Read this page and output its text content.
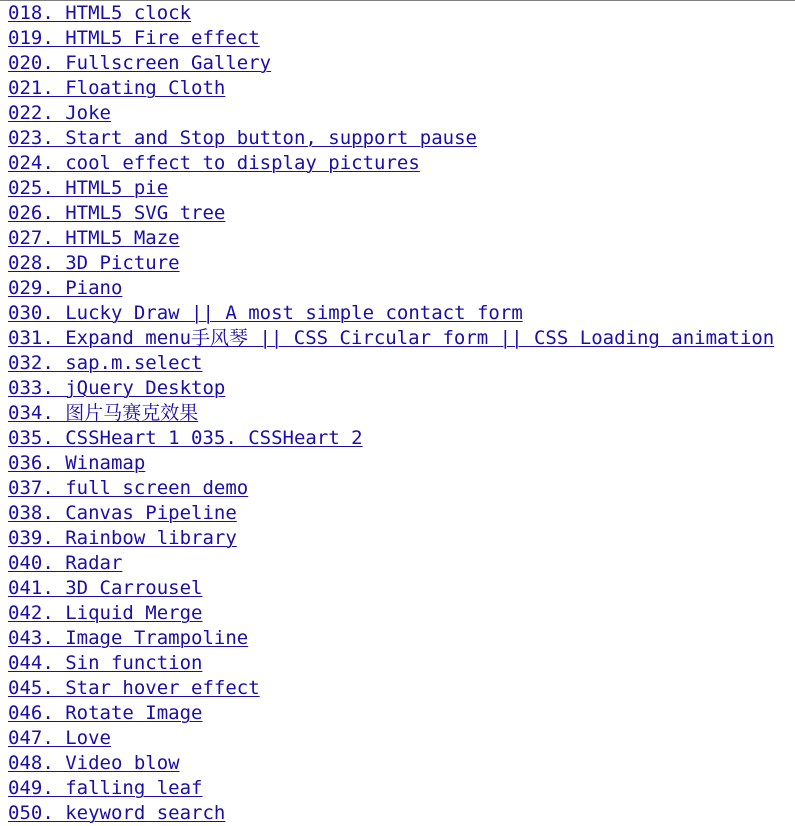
018. HTML5 clock
019. HTML5 Fire effect
020. Fullscreen Gallery
021. Floating Cloth
022. Joke
023. Start and Stop button, support pause
024. cool effect to display pictures
025. HTML5 pie
026. HTML5 SVG tree
027. HTML5 Maze
028. 3D Picture
029. Piano
030. Lucky Draw || A most simple contact form
031. Expand menu手风琴 || CSS Circular form || CSS Loading animation
032. sap.m.select
033. jQuery Desktop
034. 图片马赛克效果
035. CSSHeart 1 035. CSSHeart 2
036. Winamap
037. full screen demo
038. Canvas Pipeline
039. Rainbow library
040. Radar
041. 3D Carrousel
042. Liquid Merge
043. Image Trampoline
044. Sin function
045. Star hover effect
046. Rotate Image
047. Love
048. Video blow
049. falling leaf
050. keyword search
